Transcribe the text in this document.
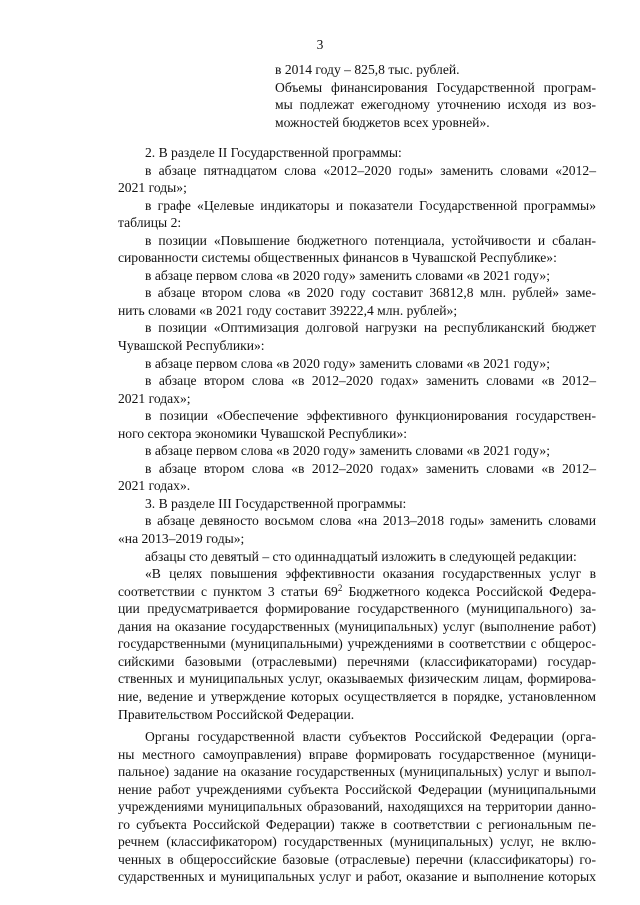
3
в 2014 году – 825,8 тыс. рублей.
Объемы финансирования Государственной програм-
мы подлежат ежегодному уточнению исходя из воз-
можностей бюджетов всех уровней».
2. В разделе II Государственной программы:
в абзаце пятнадцатом слова «2012–2020 годы» заменить словами «2012–
2021 годы»;
в графе «Целевые индикаторы и показатели Государственной программы»
таблицы 2:
в позиции «Повышение бюджетного потенциала, устойчивости и сбалан-
сированности системы общественных финансов в Чувашской Республике»:
в абзаце первом слова «в 2020 году» заменить словами «в 2021 году»;
в абзаце втором слова «в 2020 году составит 36812,8 млн. рублей» заме-
нить словами «в 2021 году составит 39222,4 млн. рублей»;
в позиции «Оптимизация долговой нагрузки на республиканский бюджет
Чувашской Республики»:
в абзаце первом слова «в 2020 году» заменить словами «в 2021 году»;
в абзаце втором слова «в 2012–2020 годах» заменить словами «в 2012–
2021 годах»;
в позиции «Обеспечение эффективного функционирования государствен-
ного сектора экономики Чувашской Республики»:
в абзаце первом слова «в 2020 году» заменить словами «в 2021 году»;
в абзаце втором слова «в 2012–2020 годах» заменить словами «в 2012–
2021 годах».
3. В разделе III Государственной программы:
в абзаце девяносто восьмом слова «на 2013–2018 годы» заменить словами
«на 2013–2019 годы»;
абзацы сто девятый – сто одиннадцатый изложить в следующей редакции:
«В целях повышения эффективности оказания государственных услуг в
соответствии с пунктом 3 статьи $69^2$ Бюджетного кодекса Российской Федера-
ции предусматривается формирование государственного (муниципального) за-
дания на оказание государственных (муниципальных) услуг (выполнение работ)
государственными (муниципальными) учреждениями в соответствии с общерос-
сийскими базовыми (отраслевыми) перечнями (классификаторами) государ-
ственных и муниципальных услуг, оказываемых физическим лицам, формирова-
ние, ведение и утверждение которых осуществляется в порядке, установленном
Правительством Российской Федерации.
Органы государственной власти субъектов Российской Федерации (орга-
ны местного самоуправления) вправе формировать государственное (муници-
пальное) задание на оказание государственных (муниципальных) услуг и выпол-
нение работ учреждениями субъекта Российской Федерации (муниципальными
учреждениями муниципальных образований, находящихся на территории данно-
го субъекта Российской Федерации) также в соответствии с региональным пе-
речнем (классификатором) государственных (муниципальных) услуг, не вклю-
ченных в общероссийские базовые (отраслевые) перечни (классификаторы) го-
сударственных и муниципальных услуг и работ, оказание и выполнение которых
